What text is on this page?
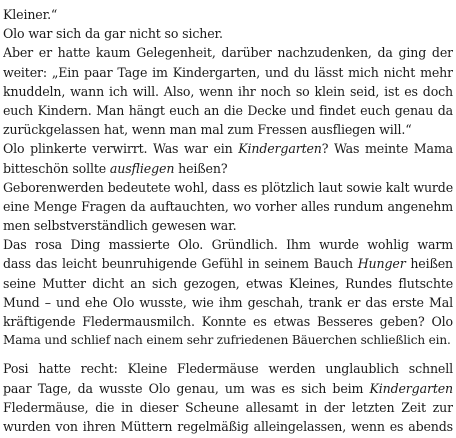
Kleiner.“
Olo war sich da gar nicht so sicher.
Aber er hatte kaum Gelegenheit, darüber nachzudenken, da ging der
weiter: „Ein paar Tage im Kindergarten, und du lässt mich nicht mehr
knuddeln, wann ich will. Also, wenn ihr noch so klein seid, ist es doch
euch Kindern. Man hängt euch an die Decke und findet euch genau da
zurückgelassen hat, wenn man mal zum Fressen ausfliegen will.“
Olo plinkerte verwirrt. Was war ein Kindergarten? Was meinte Mama
bitteschön sollte ausfliegen heißen?
Geborenwerden bedeutete wohl, dass es plötzlich laut sowie kalt wurde
eine Menge Fragen da auftauchten, wo vorher alles rundum angenehm
men selbstverständlich gewesen war.
Das rosa Ding massierte Olo. Gründlich. Ihm wurde wohlig warm
dass das leicht beunruhigende Gefühl in seinem Bauch Hunger heißen
seine Mutter dicht an sich gezogen, etwas Kleines, Rundes flutschte
Mund – und ehe Olo wusste, wie ihm geschah, trank er das erste Mal
kräftigende Fledermausmilch. Konnte es etwas Besseres geben? Olo
Mama und schlief nach einem sehr zufriedenen Bäuerchen schließlich ein.
Posi hatte recht: Kleine Fledermäuse werden unglaublich schnell
paar Tage, da wusste Olo genau, um was es sich beim Kindergarten
Fledermäuse, die in dieser Scheune allesamt in der letzten Zeit zur
wurden von ihren Müttern regelmäßig alleingelassen, wenn es abends
